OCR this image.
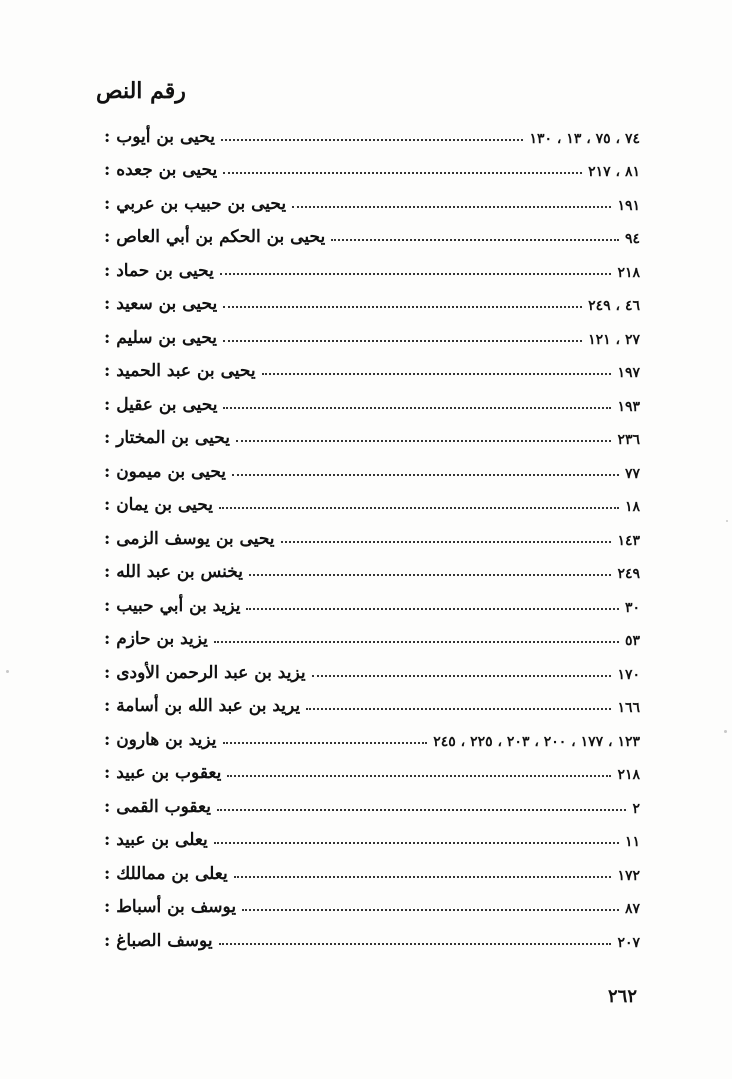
رقم النص
يحيى بن أيوب :	٧٤ ، ٧٥ ، ١٣ ، ١٣٠
يحيى بن جعده :	٨١ ، ٢١٧
يحيى بن حبيب بن عربي :	١٩١
يحيى بن الحكم بن أبي العاص :	٩٤
يحيى بن حماد :	٢١٨
يحيى بن سعيد :	٤٦ ، ٢٤٩
يحيى بن سليم :	٢٧ ، ١٢١
يحيى بن عبد الحميد :	١٩٧
يحيى بن عقيل :	١٩٣
يحيى بن المختار :	٢٣٦
يحيى بن ميمون :	٧٧
يحيى بن يمان :	١٨
يحيى بن يوسف الزمى :	١٤٣
يخنس بن عبد الله :	٢٤٩
يزيد بن أبي حبيب :	٣٠
يزيد بن حازم :	٥٣
يزيد بن عبد الرحمن الأودى :	١٧٠
يريد بن عبد الله بن أسامة :	١٦٦
يزيد بن هارون :	١٢٣ ، ١٧٧ ، ٢٠٠ ، ٢٠٣ ، ٢٢٥ ، ٢٤٥
يعقوب بن عبيد :	٢١٨
يعقوب القمى :	٢
يعلى بن عبيد :	١١
يعلى بن مماللك :	١٧٢
يوسف بن أسباط :	٨٧
يوسف الصباغ :	٢٠٧
٢٦٢
